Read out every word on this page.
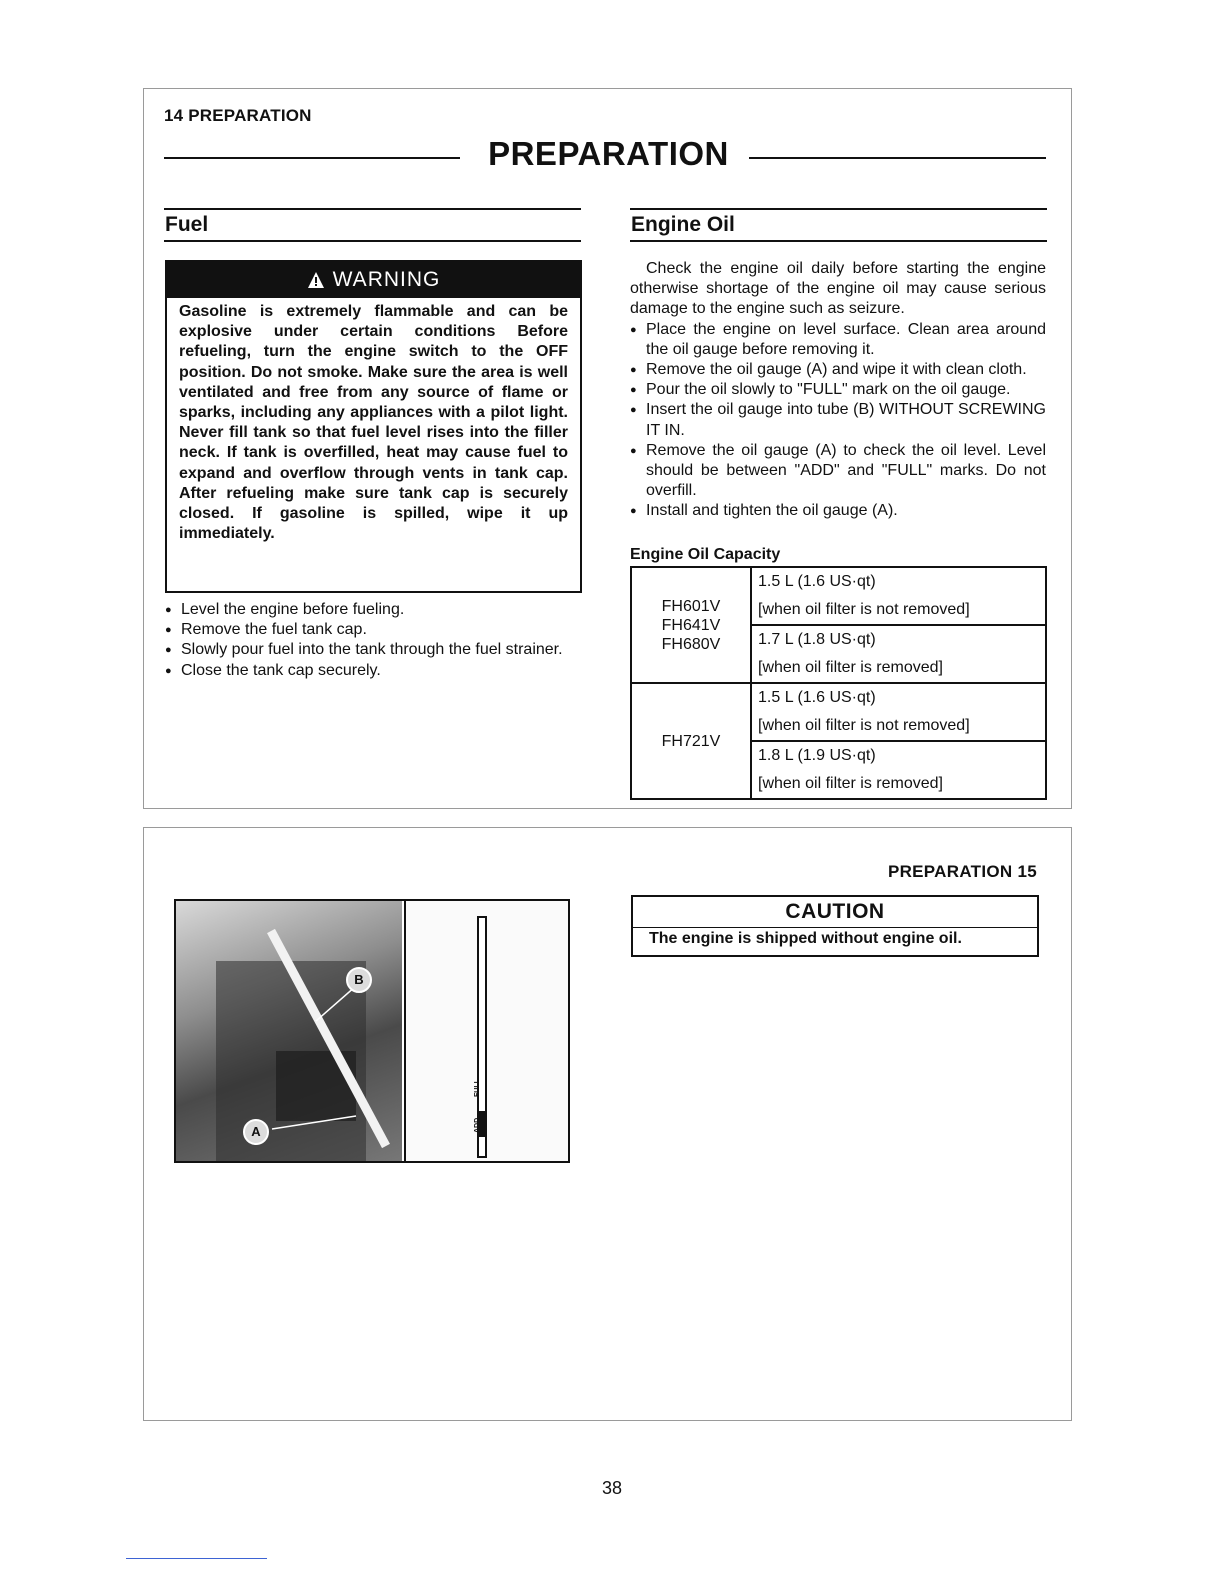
14 PREPARATION
PREPARATION
Fuel
WARNING
Gasoline is extremely flammable and can be explosive under certain conditions Before refueling, turn the engine switch to the OFF position. Do not smoke. Make sure the area is well ventilated and free from any source of flame or sparks, including any appliances with a pilot light. Never fill tank so that fuel level rises into the filler neck. If tank is overfilled, heat may cause fuel to expand and overflow through vents in tank cap. After refueling make sure tank cap is securely closed. If gasoline is spilled, wipe it up immediately.
● Level the engine before fueling.
● Remove the fuel tank cap.
● Slowly pour fuel into the tank through the fuel strainer.
● Close the tank cap securely.
Engine Oil

Check the engine oil daily before starting the engine otherwise shortage of the engine oil may cause serious damage to the engine such as seizure.

● Place the engine on level surface. Clean area around the oil gauge before removing it.
● Remove the oil gauge (A) and wipe it with clean cloth.
● Pour the oil slowly to "FULL" mark on the oil gauge.
● Insert the oil gauge into tube (B) WITHOUT SCREWING IT IN.
● Remove the oil gauge (A) to check the oil level. Level should be between "ADD" and "FULL" marks. Do not overfill.
● Install and tighten the oil gauge (A).
Engine Oil Capacity
FH601V FH641V FH680V	1.5 L (1.6 US·qt)
[when oil filter is not removed]

	1.7 L (1.8 US·qt)
[when oil filter is removed]

FH721V	1.5 L (1.6 US·qt)
[when oil filter is not removed]

	1.8 L (1.9 US·qt)
[when oil filter is removed]
PREPARATION 15
B
A	ADD
FULL
CAUTION
The engine is shipped without engine oil.
38
